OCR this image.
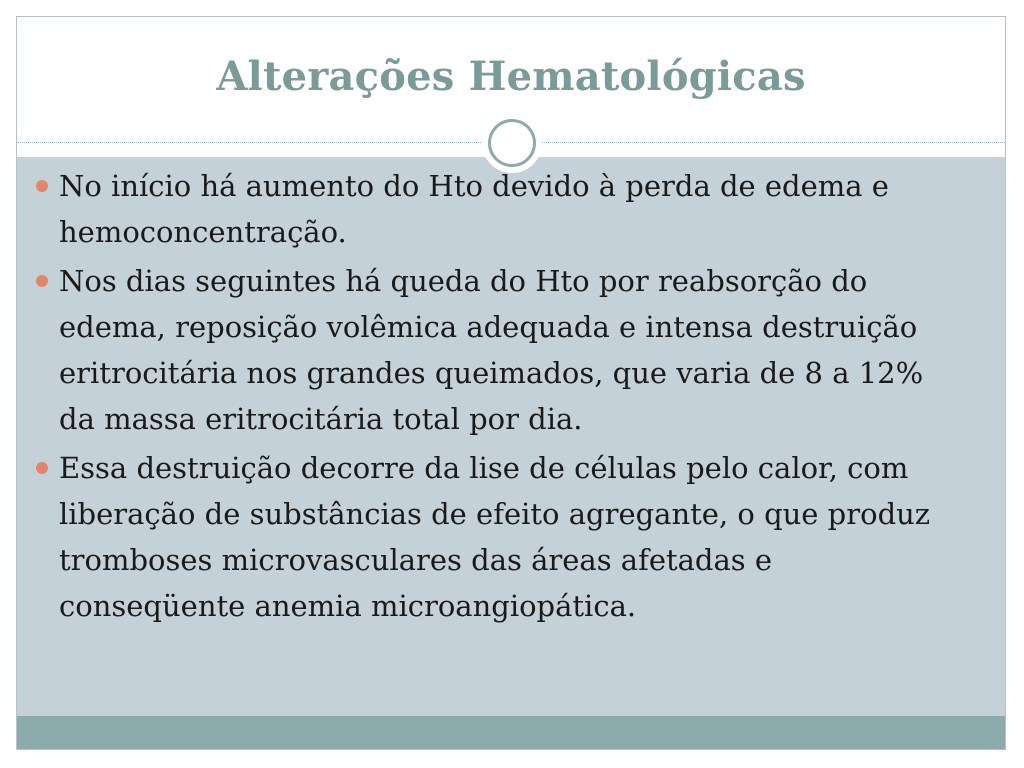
Alterações Hematológicas
No início há aumento do Hto devido à perda de edema e hemoconcentração.
Nos dias seguintes há queda do Hto por reabsorção do edema, reposição volêmica adequada e intensa destruição eritrocitária nos grandes queimados, que varia de 8 a 12% da massa eritrocitária total por dia.
Essa destruição decorre da lise de células pelo calor, com liberação de substâncias de efeito agregante, o que produz tromboses microvasculares das áreas afetadas e conseqüente anemia microangiopática.
